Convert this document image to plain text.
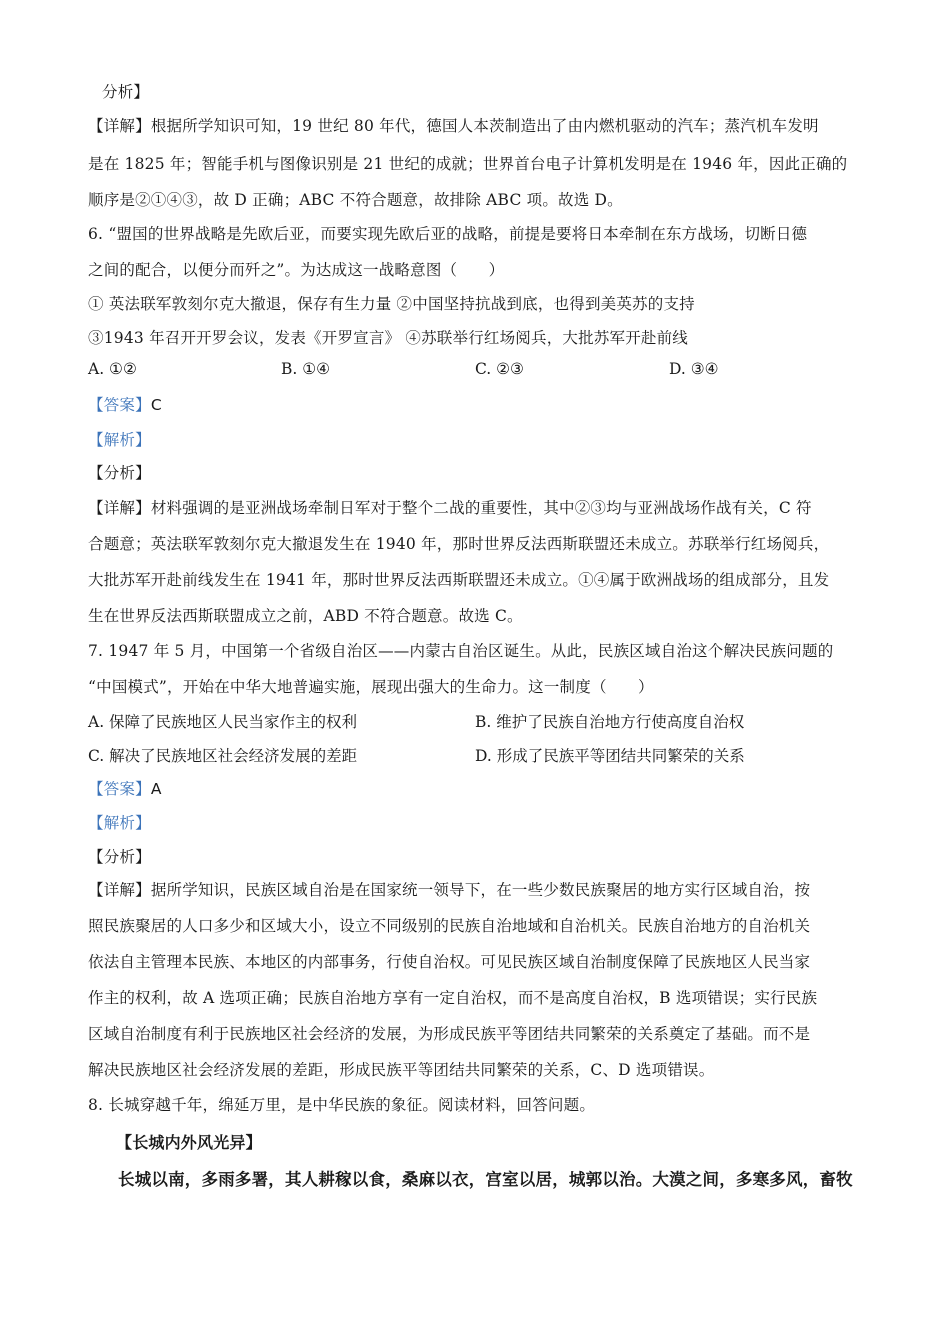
分析】
【详解】根据所学知识可知，19 世纪 80 年代，德国人本茨制造出了由内燃机驱动的汽车；蒸汽机车发明
是在 1825 年；智能手机与图像识别是 21 世纪的成就；世界首台电子计算机发明是在 1946 年，因此正确的
顺序是②①④③，故 D 正确；ABC 不符合题意，故排除 ABC 项。故选 D。
6. “盟国的世界战略是先欧后亚，而要实现先欧后亚的战略，前提是要将日本牵制在东方战场，切断日德
之间的配合，以便分而歼之”。为达成这一战略意图（　　）
① 英法联军敦刻尔克大撤退，保存有生力量 ②中国坚持抗战到底，也得到美英苏的支持
③1943 年召开开罗会议，发表《开罗宣言》 ④苏联举行红场阅兵，大批苏军开赴前线
A. ①②	B. ①④	C. ②③	D. ③④
【答案】C
【解析】
【分析】
【详解】材料强调的是亚洲战场牵制日军对于整个二战的重要性，其中②③均与亚洲战场作战有关，C 符
合题意；英法联军敦刻尔克大撤退发生在 1940 年，那时世界反法西斯联盟还未成立。苏联举行红场阅兵，
大批苏军开赴前线发生在 1941 年，那时世界反法西斯联盟还未成立。①④属于欧洲战场的组成部分，且发
生在世界反法西斯联盟成立之前，ABD 不符合题意。故选 C。
7. 1947 年 5 月，中国第一个省级自治区——内蒙古自治区诞生。从此，民族区域自治这个解决民族问题的
“中国模式”，开始在中华大地普遍实施，展现出强大的生命力。这一制度（　　）
A. 保障了民族地区人民当家作主的权利	B. 维护了民族自治地方行使高度自治权
C. 解决了民族地区社会经济发展的差距	D. 形成了民族平等团结共同繁荣的关系
【答案】A
【解析】
【分析】
【详解】据所学知识，民族区域自治是在国家统一领导下，在一些少数民族聚居的地方实行区域自治，按
照民族聚居的人口多少和区域大小，设立不同级别的民族自治地域和自治机关。民族自治地方的自治机关
依法自主管理本民族、本地区的内部事务，行使自治权。可见民族区域自治制度保障了民族地区人民当家
作主的权利，故 A 选项正确；民族自治地方享有一定自治权，而不是高度自治权，B 选项错误；实行民族
区域自治制度有利于民族地区社会经济的发展，为形成民族平等团结共同繁荣的关系奠定了基础。而不是
解决民族地区社会经济发展的差距，形成民族平等团结共同繁荣的关系，C、D 选项错误。
8. 长城穿越千年，绵延万里，是中华民族的象征。阅读材料，回答问题。
【长城内外风光异】
长城以南，多雨多署，其人耕稼以食，桑麻以衣，宫室以居，城郭以治。大漠之间，多寒多风，畜牧
